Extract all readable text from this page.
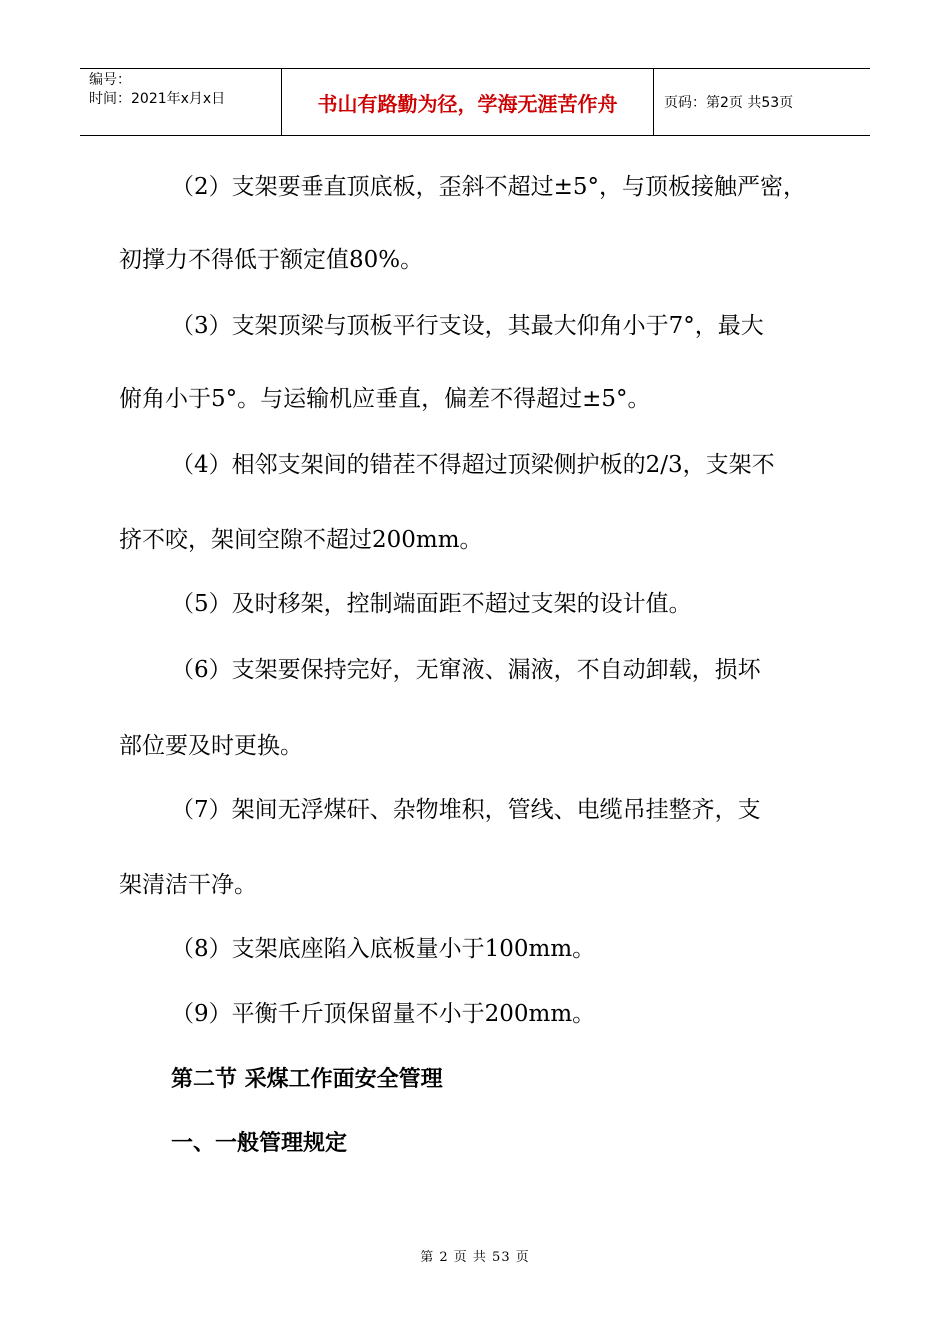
编号：
时间：2021年x月x日	书山有路勤为径，学海无涯苦作舟	页码：第2页 共53页
（2）支架要垂直顶底板，歪斜不超过±5°，与顶板接触严密，
初撑力不得低于额定值80%。
（3）支架顶梁与顶板平行支设，其最大仰角小于7°，最大
俯角小于5°。与运输机应垂直，偏差不得超过±5°。
（4）相邻支架间的错茬不得超过顶梁侧护板的2/3，支架不
挤不咬，架间空隙不超过200mm。
（5）及时移架，控制端面距不超过支架的设计值。
（6）支架要保持完好，无窜液、漏液，不自动卸载，损坏
部位要及时更换。
（7）架间无浮煤矸、杂物堆积，管线、电缆吊挂整齐，支
架清洁干净。
（8）支架底座陷入底板量小于100mm。
（9）平衡千斤顶保留量不小于200mm。
第二节 采煤工作面安全管理
一、一般管理规定
第 2 页 共 53 页
